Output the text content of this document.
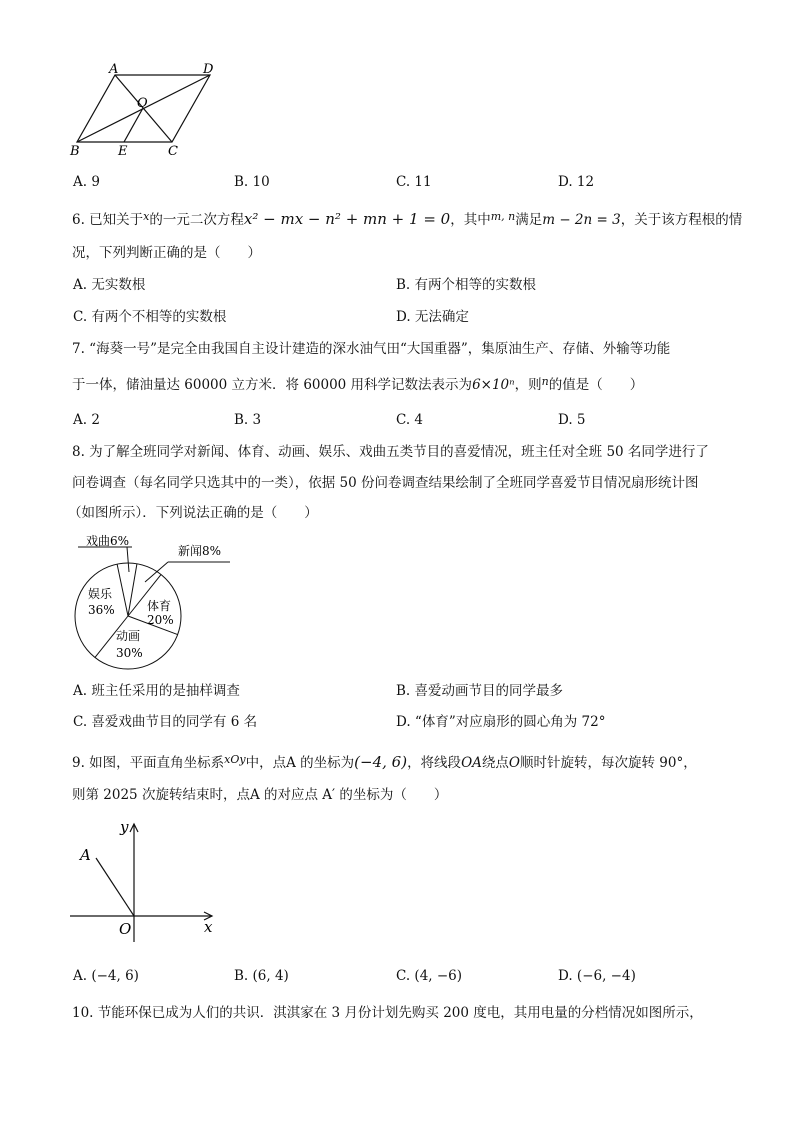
A	D
O
B	E	C
A. 9	B. 10	C. 11	D. 12
6. 已知关于$^x$的一元二次方程x² − mx − n² + mn + 1 = 0，其中$^{m, n}$满足m − 2n = 3，关于该方程根的情
况，下列判断正确的是（　　）
A. 无实数根	B. 有两个相等的实数根
C. 有两个不相等的实数根	D. 无法确定
7. “海葵一号”是完全由我国自主设计建造的深水油气田“大国重器”，集原油生产、存储、外输等功能
于一体，储油量达 60000 立方米．将 60000 用科学记数法表示为6×10ⁿ，则$^n$的值是（　　）
A. 2	B. 3	C. 4	D. 5
8. 为了解全班同学对新闻、体育、动画、娱乐、戏曲五类节目的喜爱情况，班主任对全班 50 名同学进行了
问卷调查（每名同学只选其中的一类），依据 50 份问卷调查结果绘制了全班同学喜爱节目情况扇形统计图
（如图所示）．下列说法正确的是（　　）
戏曲6%
新闻8%
娱乐
36%	体育
20%
动画
30%
A. 班主任采用的是抽样调查	B. 喜爱动画节目的同学最多
C. 喜爱戏曲节目的同学有 6 名	D. “体育”对应扇形的圆心角为 72°
9. 如图，平面直角坐标系$^{xOy}$中，点A 的坐标为(−4, 6)，将线段OA绕点O顺时针旋转，每次旋转 90°，
则第 2025 次旋转结束时，点A 的对应点 A′ 的坐标为（　　）
y
x
O
A
A. (−4, 6)	B. (6, 4)	C. (4, −6)	D. (−6, −4)
10. 节能环保已成为人们的共识．淇淇家在 3 月份计划先购买 200 度电，其用电量的分档情况如图所示，
